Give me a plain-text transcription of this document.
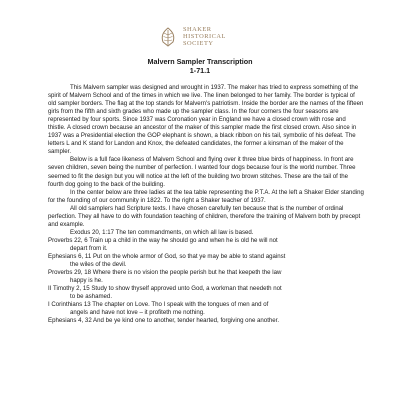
SHAKER
HISTORICAL
SOCIETY
Malvern Sampler Transcription
1-71.1

This Malvern sampler was designed and wrought in 1937. The maker has tried to express something of the spirit of Malvern School and of the times in which we live. The linen belonged to her family. The border is typical of old sampler borders. The flag at the top stands for Malvern's patriotism. Inside the border are the names of the fifteen girls from the fifth and sixth grades who made up the sampler class. In the four corners the four seasons are represented by four sports. Since 1937 was Coronation year in England we have a closed crown with rose and thistle. A closed crown because an ancestor of the maker of this sampler made the first closed crown. Also since in 1937 was a Presidential election the GOP elephant is shown, a black ribbon on his tail, symbolic of his defeat. The letters L and K stand for Landon and Knox, the defeated candidates, the former a kinsman of the maker of the sampler.

Below is a full face likeness of Malvern School and flying over it three blue birds of happiness. In front are seven children, seven being the number of perfection. I wanted four dogs because four is the world number. Three seemed to fit the design but you will notice at the left of the building two brown stitches. These are the tail of the fourth dog going to the back of the building.

In the center below are three ladies at the tea table representing the P.T.A. At the left a Shaker Elder standing for the founding of our community in 1822. To the right a Shaker teacher of 1937.

All old samplers had Scripture texts. I have chosen carefully ten because that is the number of ordinal perfection. They all have to do with foundation teaching of children, therefore the training of Malvern both by precept and example.

Exodus 20, 1:17 The ten commandments, on which all law is based.
Proverbs 22, 6 Train up a child in the way he should go and when he is old he will not
depart from it.
Ephesians 6, 11 Put on the whole armor of God, so that ye may be able to stand against
the wiles of the devil.
Proverbs 29, 18 Where there is no vision the people perish but he that keepeth the law
happy is he.
II Timothy 2, 15 Study to show thyself approved unto God, a workman that needeth not
to be ashamed.
I Corinthians 13 The chapter on Love. Tho I speak with the tongues of men and of
angels and have not love – it profiteth me nothing.
Ephesians 4, 32 And be ye kind one to another, tender hearted, forgiving one another.
